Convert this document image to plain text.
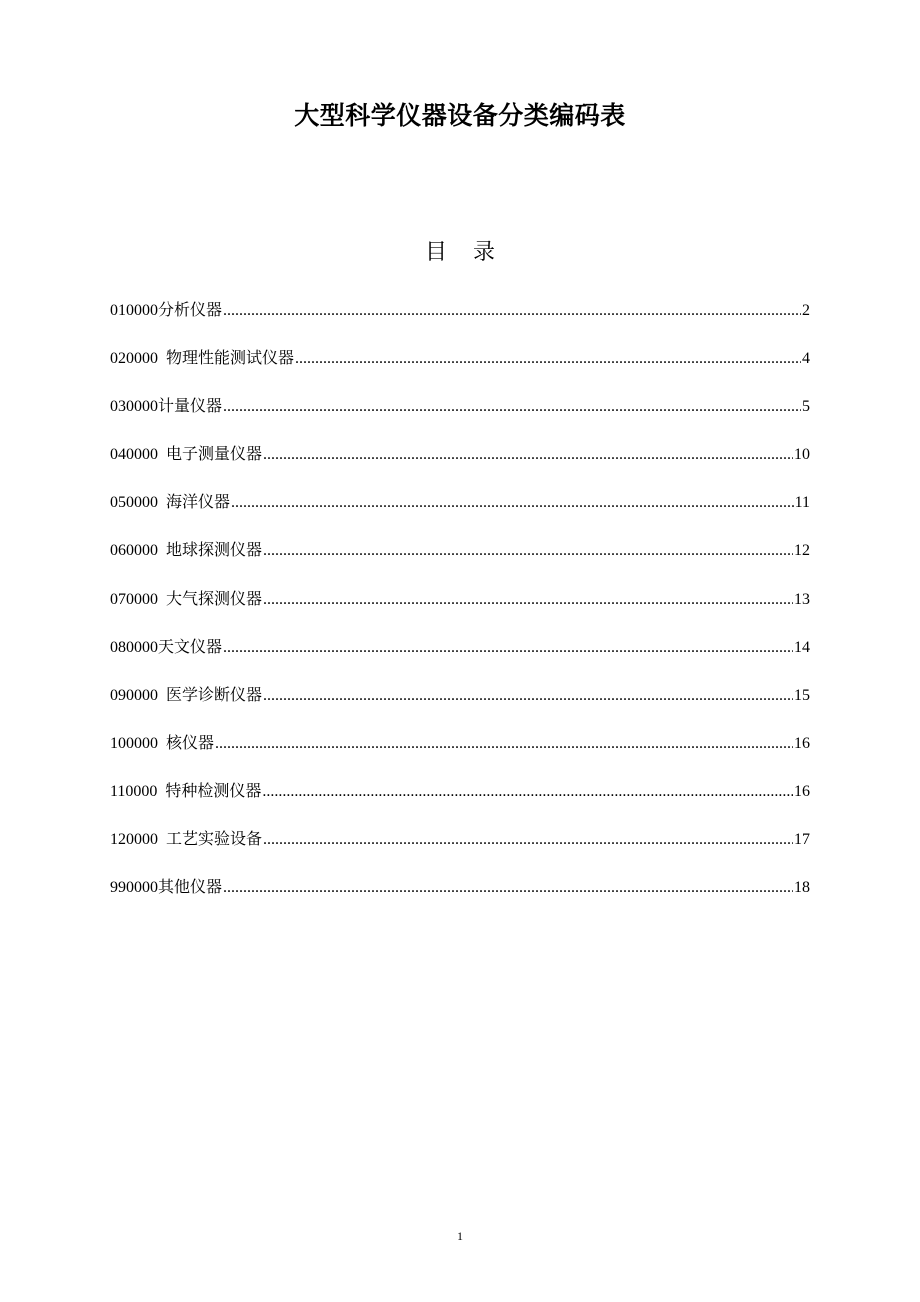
大型科学仪器设备分类编码表
目 录
010000 分析仪器 .....	2
020000 物理性能测试仪器 .....	4
030000 计量仪器 .....	5
040000 电子测量仪器 .....	10
050000 海洋仪器 .....	11
060000 地球探测仪器 .....	12
070000 大气探测仪器 .....	13
080000 天文仪器 .....	14
090000 医学诊断仪器 .....	15
100000 核仪器 .....	16
110000 特种检测仪器 .....	16
120000 工艺实验设备 .....	17
990000 其他仪器 .....	18
1
